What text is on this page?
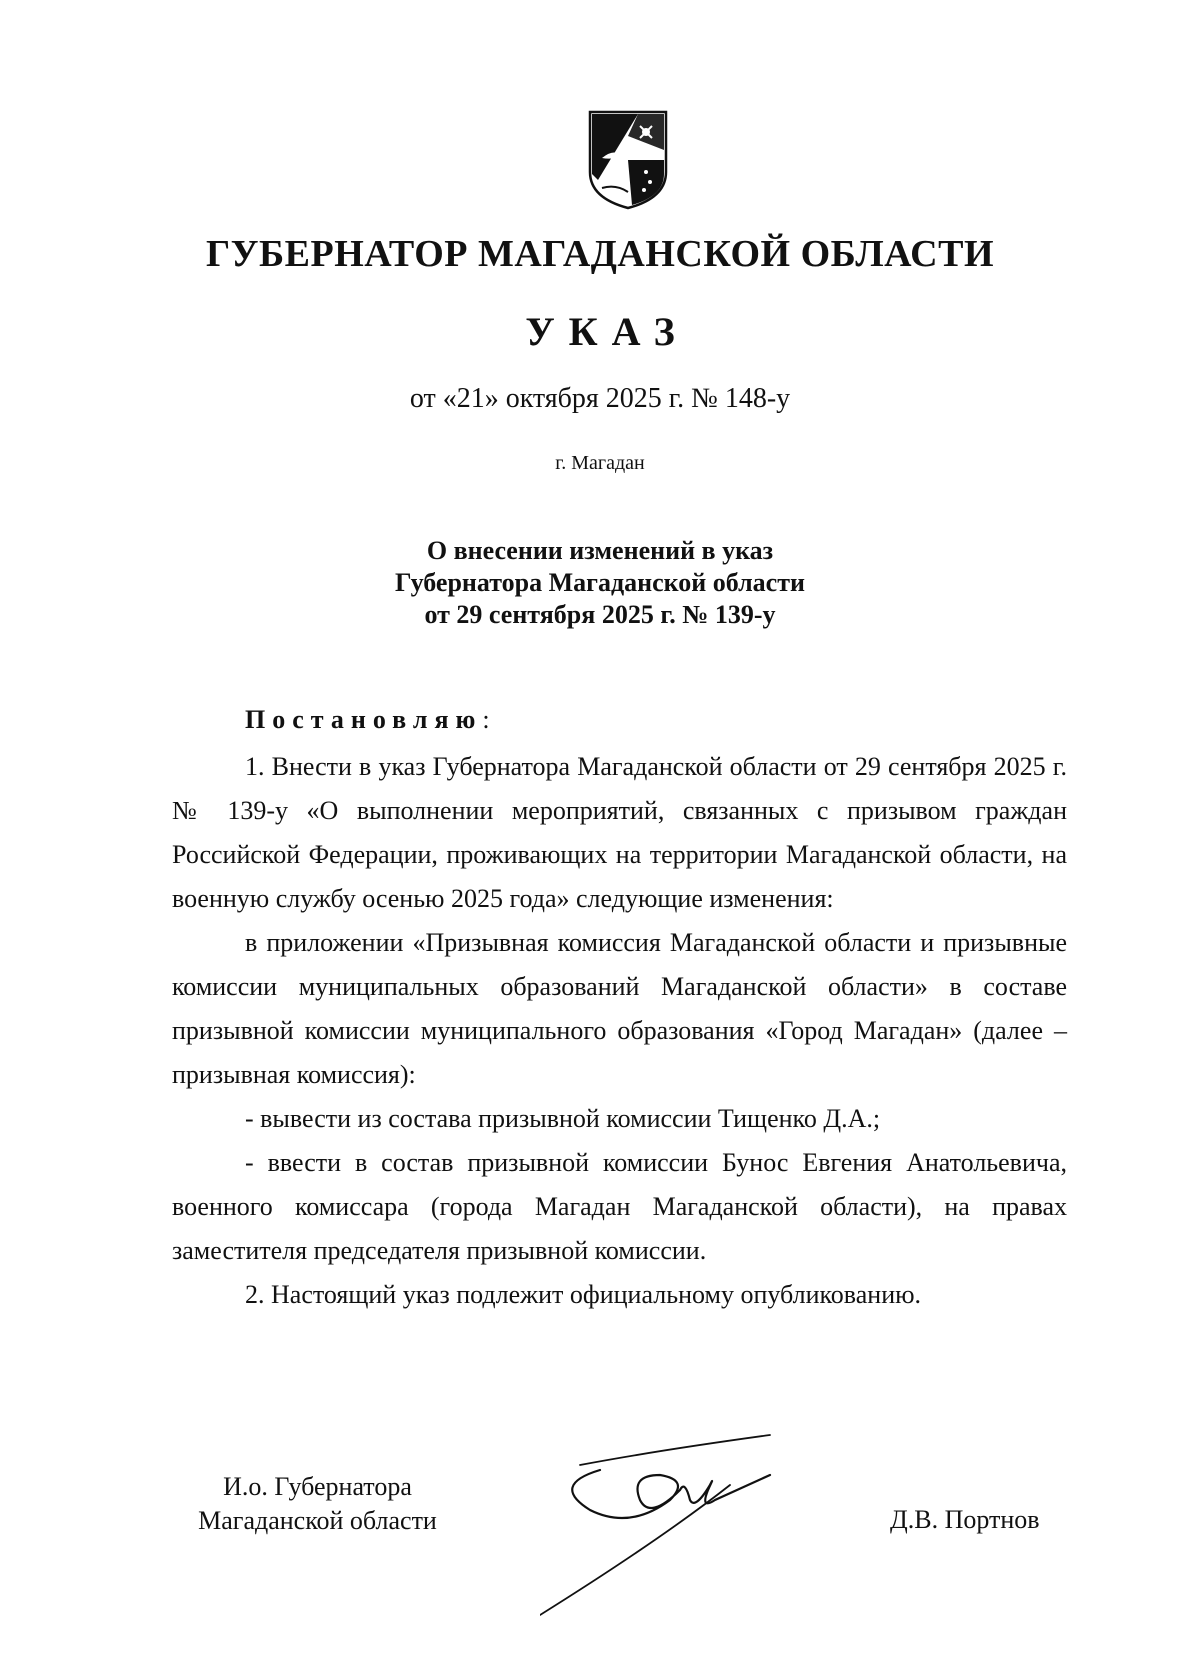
ГУБЕРНАТОР МАГАДАНСКОЙ ОБЛАСТИ
УКАЗ
от «21» октября 2025 г. № 148-у
г. Магадан
О внесении изменений в указ
Губернатора Магаданской области
от 29 сентября 2025 г. № 139-у
Постановляю:

1. Внести в указ Губернатора Магаданской области от 29 сентября 2025 г. № 139-у «О выполнении мероприятий, связанных с призывом граждан Российской Федерации, проживающих на территории Магаданской области, на военную службу осенью 2025 года» следующие изменения:

в приложении «Призывная комиссия Магаданской области и призывные комиссии муниципальных образований Магаданской области» в составе призывной комиссии муниципального образования «Город Магадан» (далее – призывная комиссия):

- вывести из состава призывной комиссии Тищенко Д.А.;

- ввести в состав призывной комиссии Бунос Евгения Анатольевича, военного комиссара (города Магадан Магаданской области), на правах заместителя председателя призывной комиссии.

2. Настоящий указ подлежит официальному опубликованию.

И.о. Губернатора
Магаданской области	Д.В. Портнов
